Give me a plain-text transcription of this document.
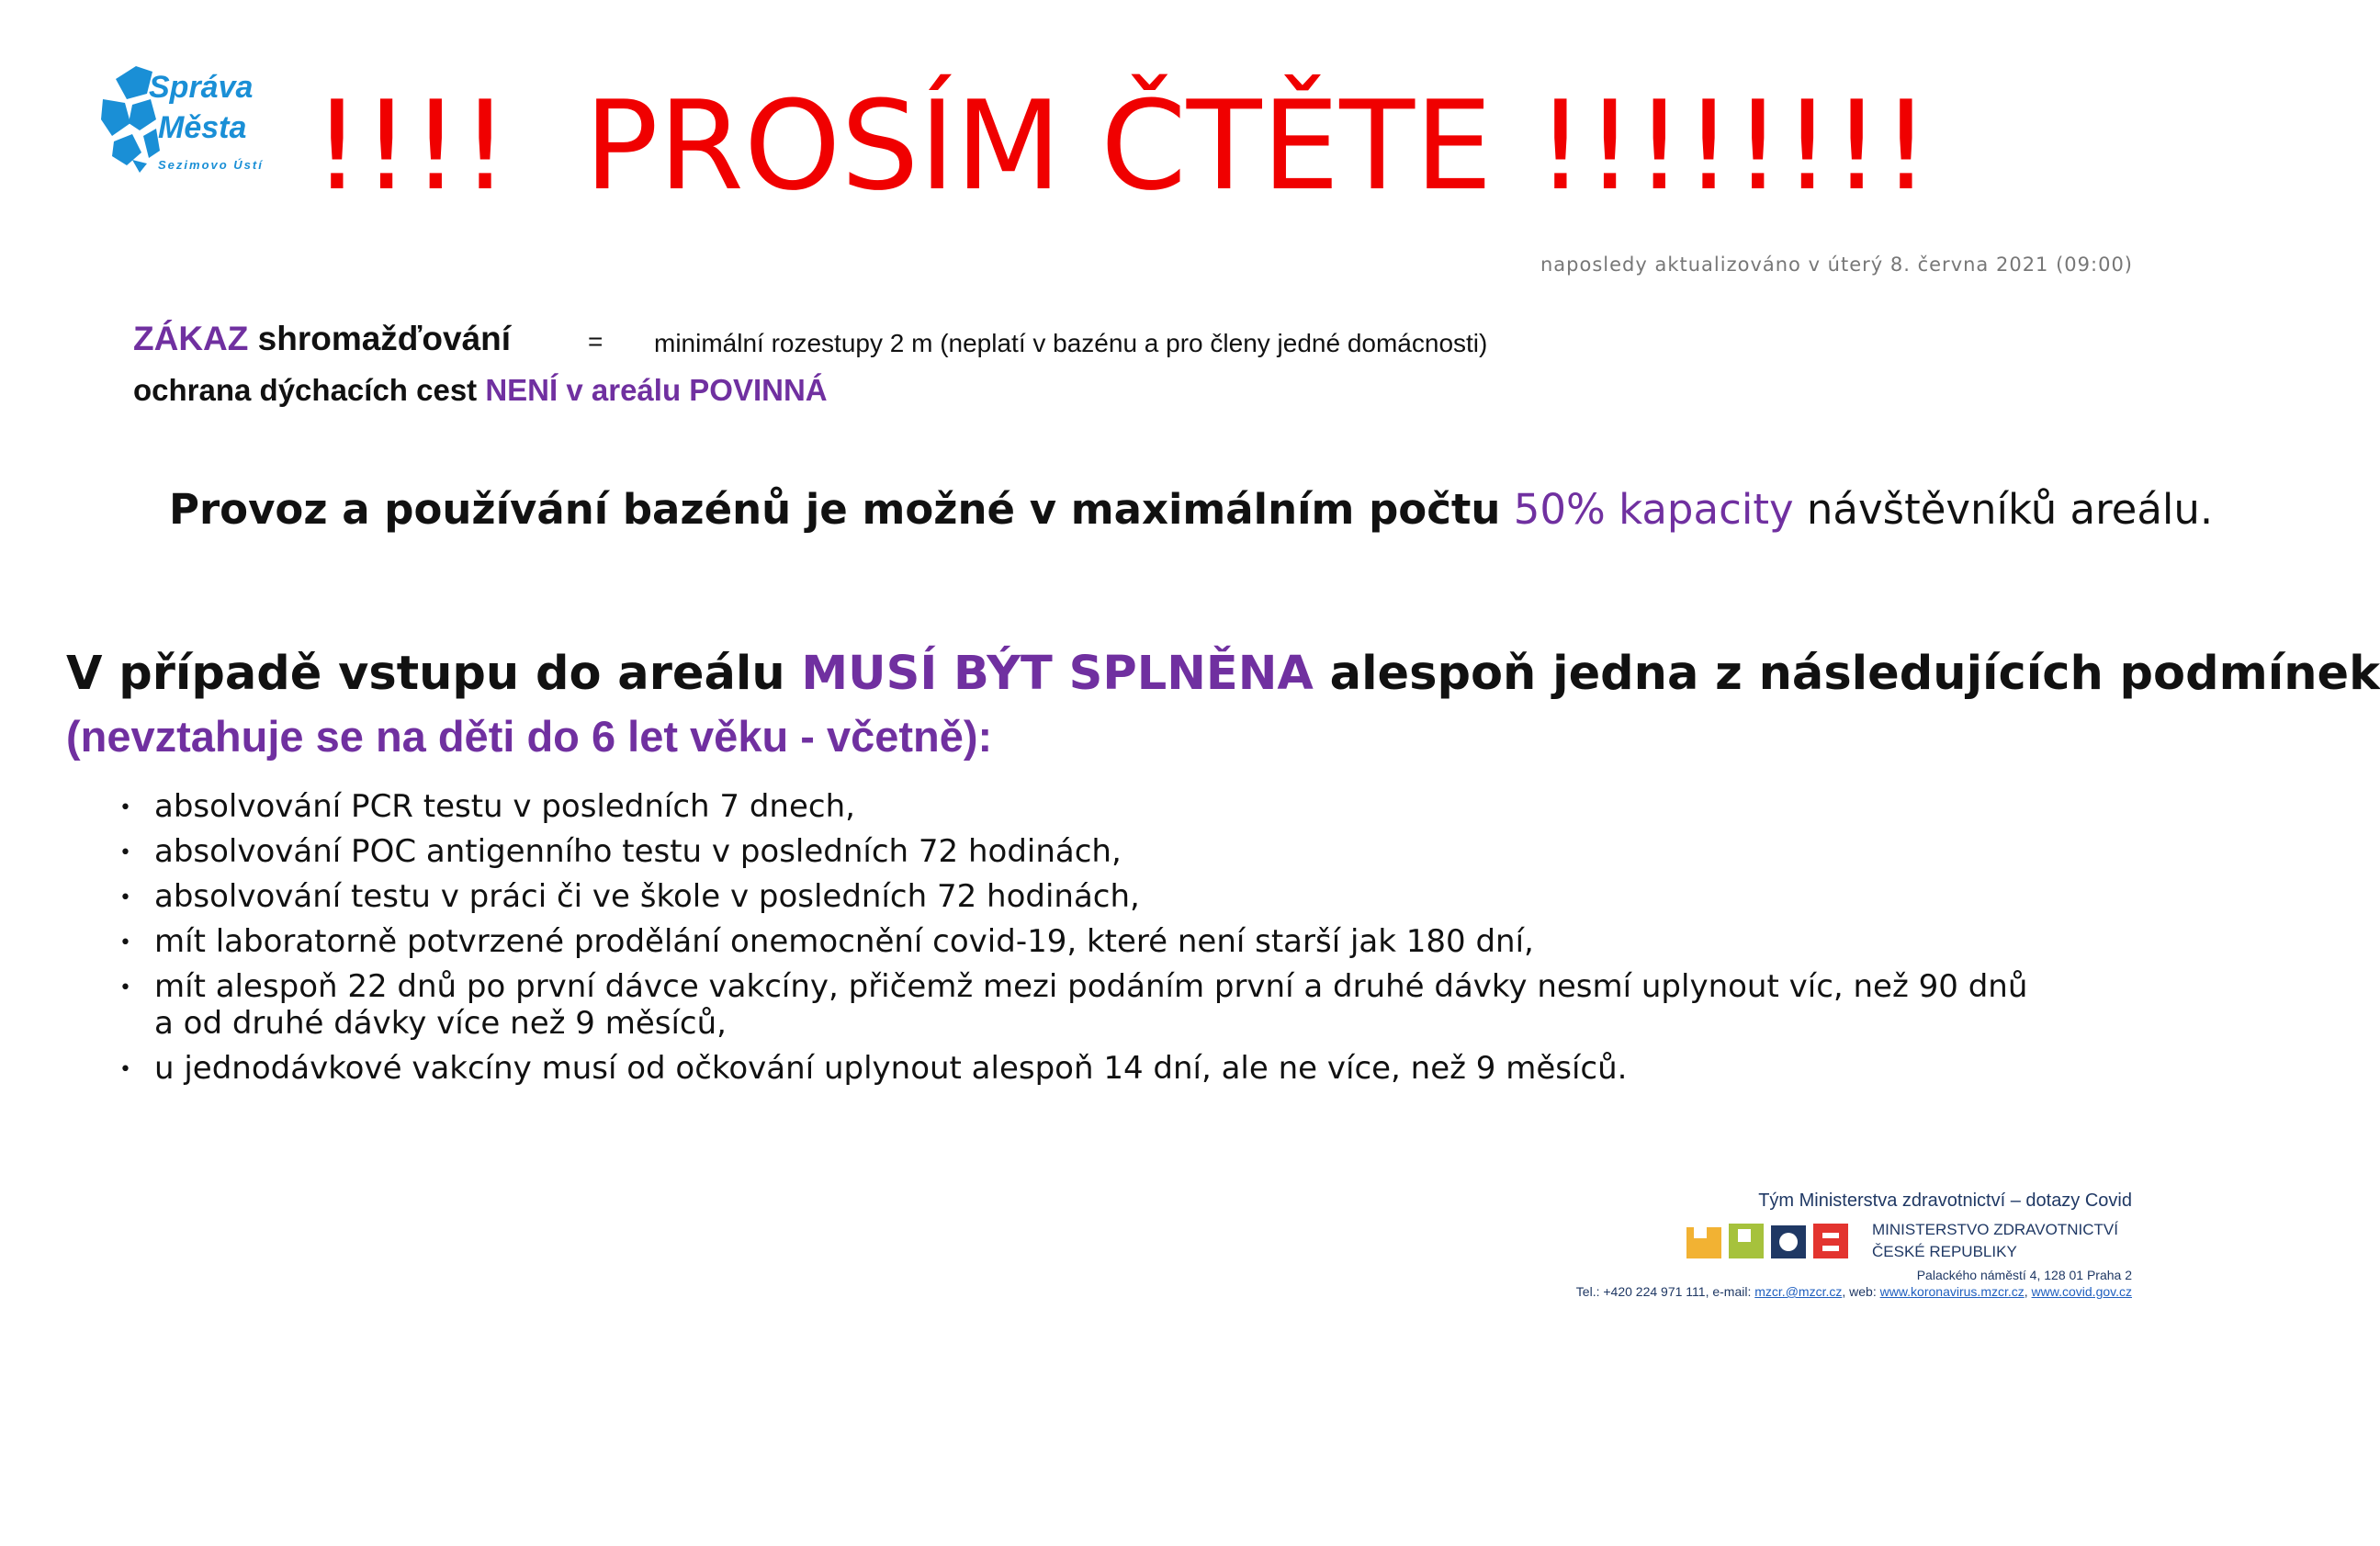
Správa
Města
Sezimovo Ústí !!!! PROSÍM ČTĚTE !!!!!!!!
naposledy aktualizováno v úterý 8. června 2021 (09:00)
ZÁKAZ shromažďování	= minimální rozestupy 2 m (neplatí v bazénu a pro členy jedné domácnosti)
ochrana dýchacích cest NENÍ v areálu POVINNÁ
Provoz a používání bazénů je možné v maximálním počtu 50% kapacity návštěvníků areálu.
V případě vstupu do areálu MUSÍ BÝT SPLNĚNA alespoň jedna z následujících podmínek
(nevztahuje se na děti do 6 let věku - včetně):
• absolvování PCR testu v posledních 7 dnech,
• absolvování POC antigenního testu v posledních 72 hodinách,
• absolvování testu v práci či ve škole v posledních 72 hodinách,
• mít laboratorně potvrzené prodělání onemocnění covid-19, které není starší jak 180 dní,
• mít alespoň 22 dnů po první dávce vakcíny, přičemž mezi podáním první a druhé dávky nesmí uplynout víc, než 90 dnů
a od druhé dávky více než 9 měsíců,
• u jednodávkové vakcíny musí od očkování uplynout alespoň 14 dní, ale ne více, než 9 měsíců.
Tým Ministerstva zdravotnictví – dotazy Covid
MINISTERSTVO ZDRAVOTNICTVÍ
ČESKÉ REPUBLIKY
Palackého náměstí 4, 128 01 Praha 2
Tel.: +420 224 971 111, e-mail: mzcr.@mzcr.cz, web: www.koronavirus.mzcr.cz, www.covid.gov.cz
